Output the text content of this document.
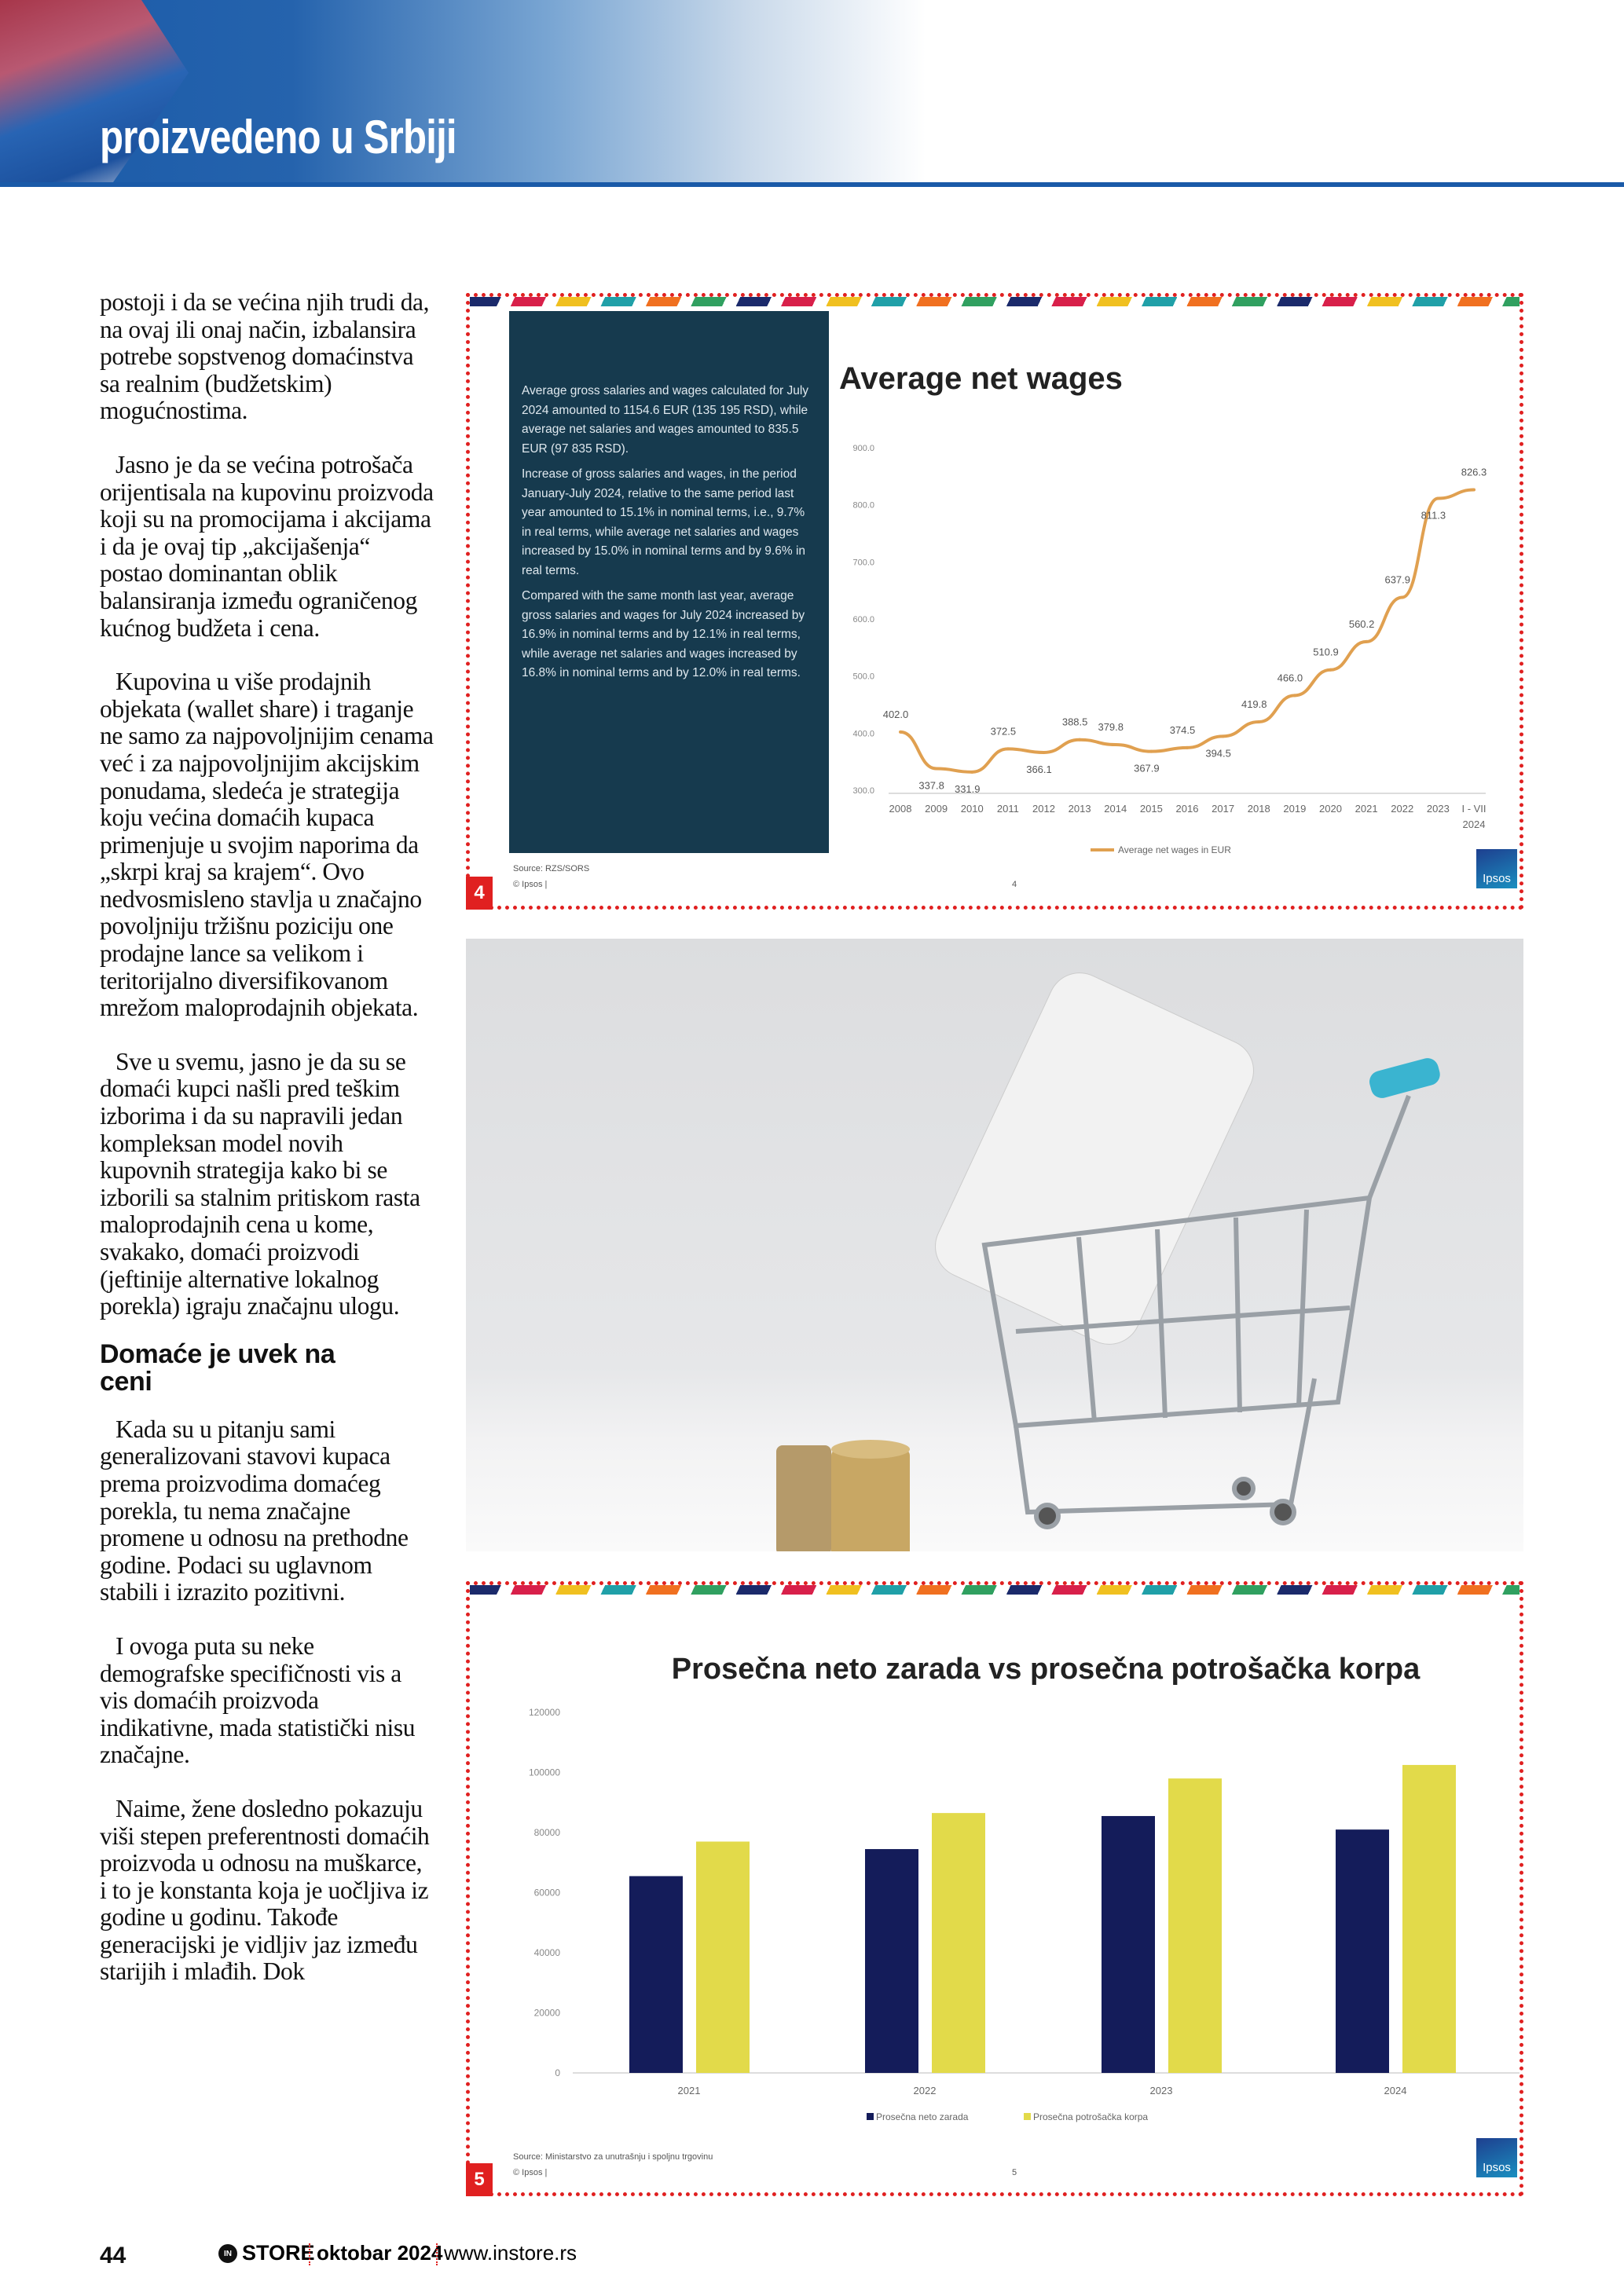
proizvedeno u Srbiji

postoji i da se većina njih trudi da, na ovaj ili onaj način, izbalansira potrebe sopstvenog domaćinstva sa realnim (budžetskim) mogućnostima.

Jasno je da se većina potrošača orijentisala na kupovinu proizvoda koji su na promocijama i akcijama i da je ovaj tip „akcijašenja“ postao dominantan oblik balansiranja između ograničenog kućnog budžeta i cena.

Kupovina u više prodajnih objekata (wallet share) i traganje ne samo za najpovoljnijim cenama već i za najpovoljnijim akcijskim ponudama, sledeća je strategija koju većina domaćih kupaca primenjuje u svojim naporima da „skrpi kraj sa krajem“. Ovo nedvosmisleno stavlja u značajno povoljniju tržišnu poziciju one prodajne lance sa velikom i teritorijalno diversifikovanom mrežom maloprodajnih objekata.

Sve u svemu, jasno je da su se domaći kupci našli pred teškim izborima i da su napravili jedan kompleksan model novih kupovnih strategija kako bi se izborili sa stalnim pritiskom rasta maloprodajnih cena u kome, svakako, domaći proizvodi (jeftinije alternative lokalnog porekla) igraju značajnu ulogu.

Domaće je uvek na ceni

Kada su u pitanju sami generalizovani stavovi kupaca prema proizvodima domaćeg porekla, tu nema značajne promene u odnosu na prethodne godine. Podaci su uglavnom stabili i izrazito pozitivni.

I ovoga puta su neke demografske specifičnosti vis a vis domaćih proizvoda indikativne, mada statistički nisu značajne.

Naime, žene dosledno pokazuju viši stepen preferentnosti domaćih proizvoda u odnosu na muškarce, i to je konstanta koja je uočljiva iz godine u godinu. Takođe generacijski je vidljiv jaz između starijih i mlađih. Dok

Average gross salaries and wages calculated for July 2024 amounted to 1154.6 EUR (135 195 RSD), while average net salaries and wages amounted to 835.5 EUR (97 835 RSD).

Increase of gross salaries and wages, in the period January-July 2024, relative to the same period last year amounted to 15.1% in nominal terms, i.e., 9.7% in real terms, while average net salaries and wages increased by 15.0% in nominal terms and by 9.6% in real terms.

Compared with the same month last year, average gross salaries and wages for July 2024 increased by 16.9% in nominal terms and by 12.1% in real terms, while average net salaries and wages increased by 16.8% in nominal terms and by 12.0% in real terms.

Average net wages
300.0
400.0
500.0
600.0
700.0
800.0
900.0
2008 2009 2010 2011 2012 2013 2014 2015 2016 2017 2018 2019 2020 2021 2022 2023 I - VII
2024
402.0
337.8 331.9
372.5
366.1
388.5 379.8
367.9
374.5
394.5
419.8
466.0
510.9
560.2
637.9
811.3
826.3
Average net wages in EUR
Source: RZS/SORS
© Ipsos |	4	Ipsos
4
Prosečna neto zarada vs prosečna potrošačka korpa
0
20000
40000
60000
80000
100000
120000
2021	2022	2023	2024
Prosečna neto zarada	Prosečna potrošačka korpa
Source: Ministarstvo za unutrašnju i spoljnu trgovinu
© Ipsos |	5	Ipsos
5
44	IN STORE oktobar 2024 www.instore.rs
